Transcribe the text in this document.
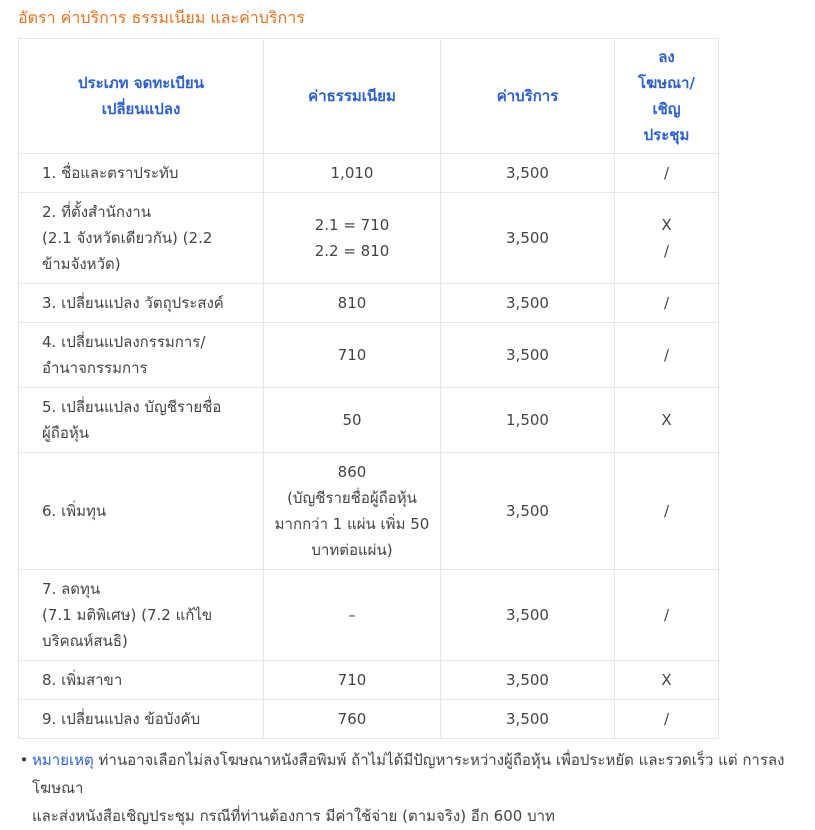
อัตรา ค่าบริการ ธรรมเนียม และค่าบริการ
ประเภท จดทะเบียน
เปลี่ยนแปลง	ค่าธรรมเนียม	ค่าบริการ	ลง
โฆษณา/
เชิญ
ประชุม

1. ชื่อและตราประทับ	1,010	3,500	/

2. ที่ตั้งสำนักงาน
(2.1 จังหวัดเดียวกัน) (2.2
ข้ามจังหวัด)	2.1 = 710
2.2 = 810	3,500	X
/

3. เปลี่ยนแปลง วัตถุประสงค์	810	3,500	/

4. เปลี่ยนแปลงกรรมการ/
อำนาจกรรมการ	710	3,500	/

5. เปลี่ยนแปลง บัญชีรายชื่อ
ผู้ถือหุ้น	50	1,500	X

6. เพิ่มทุน	860
(บัญชีรายชื่อผู้ถือหุ้น
มากกว่า 1 แผ่น เพิ่ม 50
บาทต่อแผ่น)	3,500	/

7. ลดทุน
(7.1 มติพิเศษ) (7.2 แก้ไข
บริคณห์สนธิ)	–	3,500	/

8. เพิ่มสาขา	710	3,500	X

9. เปลี่ยนแปลง ข้อบังคับ	760	3,500	/
• หมายเหตุ ท่านอาจเลือกไม่ลงโฆษณาหนังสือพิมพ์ ถ้าไม่ได้มีปัญหาระหว่างผู้ถือหุ้น เพื่อประหยัด และรวดเร็ว แต่ การลงโฆษณา
และส่งหนังสือเชิญประชุม กรณีที่ท่านต้องการ มีค่าใช้จ่าย (ตามจริง) อีก 600 บาท
